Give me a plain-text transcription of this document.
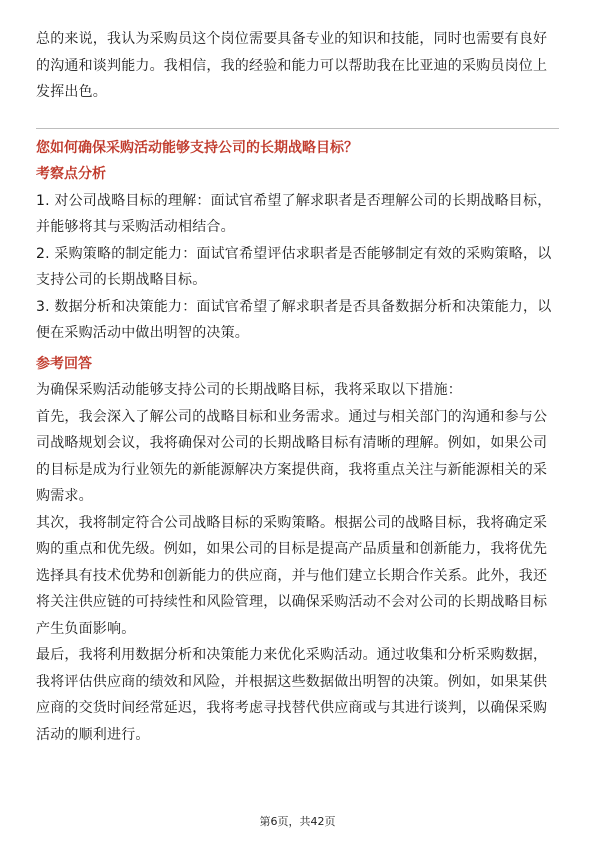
总的来说，我认为采购员这个岗位需要具备专业的知识和技能，同时也需要有良好的沟通和谈判能力。我相信，我的经验和能力可以帮助我在比亚迪的采购员岗位上发挥出色。

您如何确保采购活动能够支持公司的长期战略目标？

考察点分析

1. 对公司战略目标的理解：面试官希望了解求职者是否理解公司的长期战略目标，并能够将其与采购活动相结合。

2. 采购策略的制定能力：面试官希望评估求职者是否能够制定有效的采购策略，以支持公司的长期战略目标。

3. 数据分析和决策能力：面试官希望了解求职者是否具备数据分析和决策能力，以便在采购活动中做出明智的决策。

参考回答

为确保采购活动能够支持公司的长期战略目标，我将采取以下措施：

首先，我会深入了解公司的战略目标和业务需求。通过与相关部门的沟通和参与公司战略规划会议，我将确保对公司的长期战略目标有清晰的理解。例如，如果公司的目标是成为行业领先的新能源解决方案提供商，我将重点关注与新能源相关的采购需求。

其次，我将制定符合公司战略目标的采购策略。根据公司的战略目标，我将确定采购的重点和优先级。例如，如果公司的目标是提高产品质量和创新能力，我将优先选择具有技术优势和创新能力的供应商，并与他们建立长期合作关系。此外，我还将关注供应链的可持续性和风险管理，以确保采购活动不会对公司的长期战略目标产生负面影响。

最后，我将利用数据分析和决策能力来优化采购活动。通过收集和分析采购数据，我将评估供应商的绩效和风险，并根据这些数据做出明智的决策。例如，如果某供应商的交货时间经常延迟，我将考虑寻找替代供应商或与其进行谈判，以确保采购活动的顺利进行。

第6页，共42页
